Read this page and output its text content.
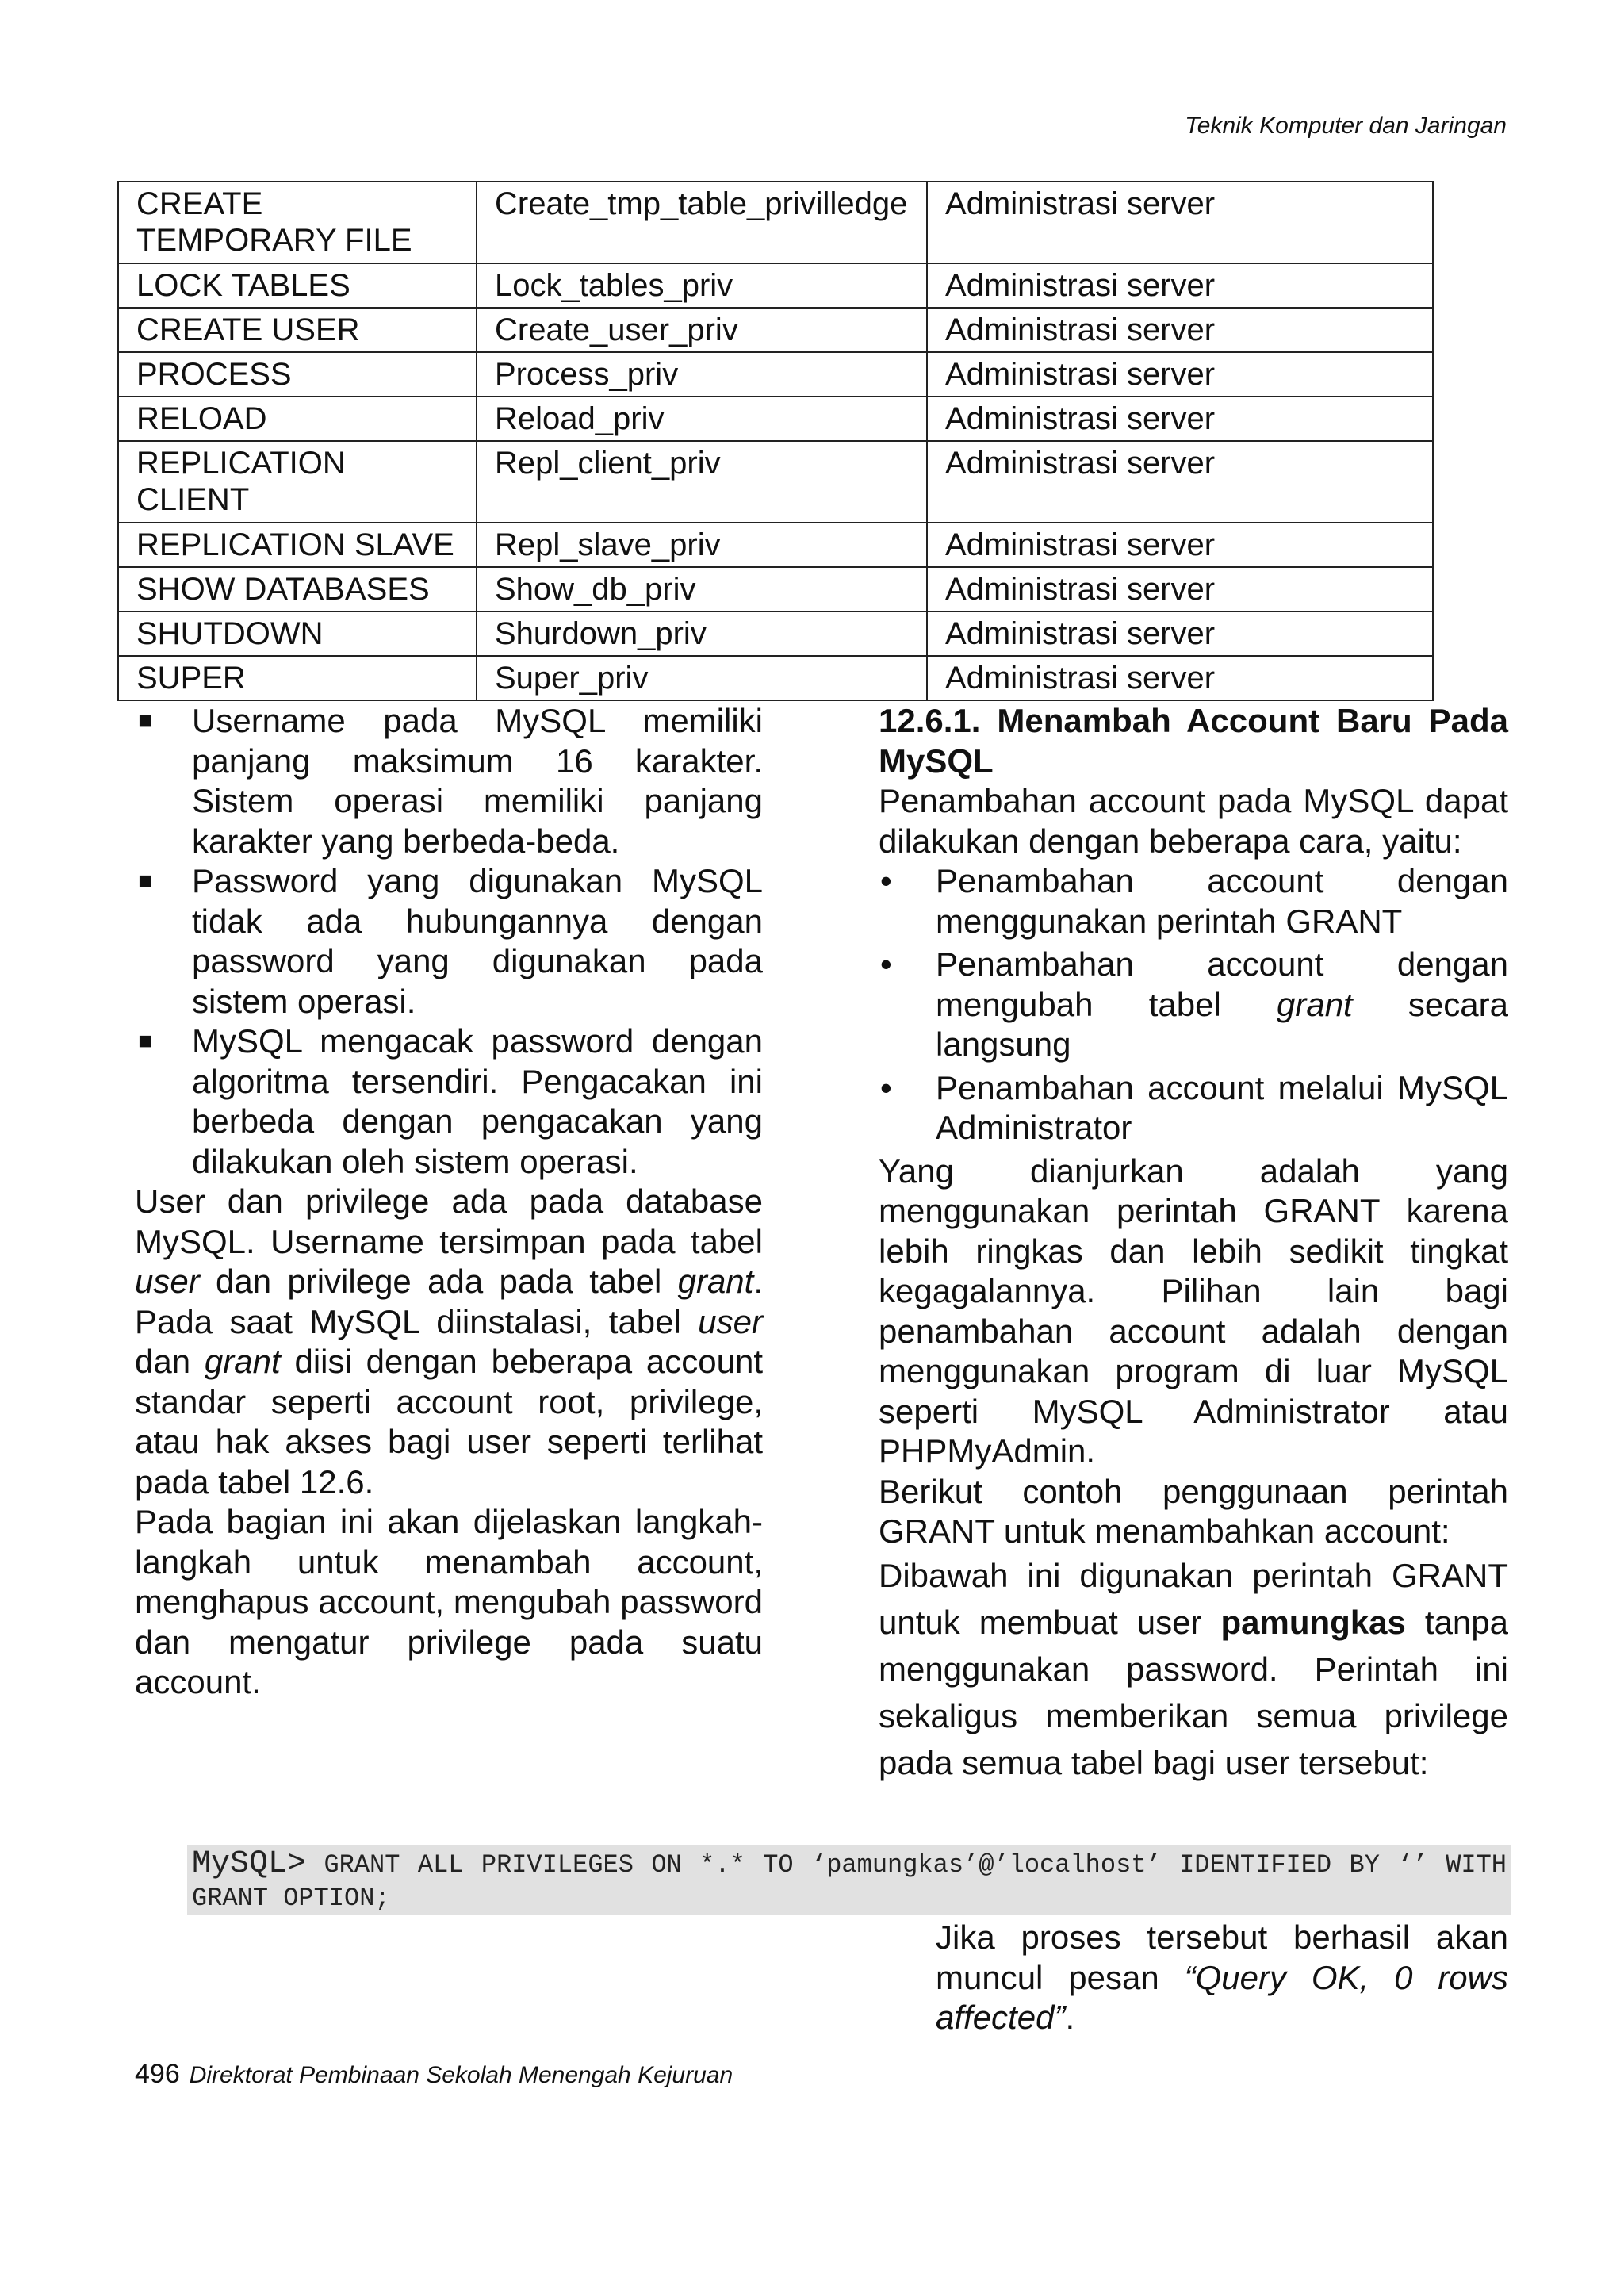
Teknik Komputer dan Jaringan
CREATE TEMPORARY FILE	Create_tmp_table_privilledge	Administrasi server
LOCK TABLES	Lock_tables_priv	Administrasi server
CREATE USER	Create_user_priv	Administrasi server
PROCESS	Process_priv	Administrasi server
RELOAD	Reload_priv	Administrasi server
REPLICATION CLIENT	Repl_client_priv	Administrasi server
REPLICATION SLAVE	Repl_slave_priv	Administrasi server
SHOW DATABASES	Show_db_priv	Administrasi server
SHUTDOWN	Shurdown_priv	Administrasi server
SUPER	Super_priv	Administrasi server
■ Username pada MySQL memiliki panjang maksimum 16 karakter. Sistem operasi memiliki panjang karakter yang berbeda-beda.
■ Password yang digunakan MySQL tidak ada hubungannya dengan password yang digunakan pada sistem operasi.
■ MySQL mengacak password dengan algoritma tersendiri. Pengacakan ini berbeda dengan pengacakan yang dilakukan oleh sistem operasi.

User dan privilege ada pada database MySQL. Username tersimpan pada tabel user dan privilege ada pada tabel grant. Pada saat MySQL diinstalasi, tabel user dan grant diisi dengan beberapa account standar seperti account root, privilege, atau hak akses bagi user seperti terlihat pada tabel 12.6.

Pada bagian ini akan dijelaskan langkah-langkah untuk menambah account, menghapus account, mengubah password dan mengatur privilege pada suatu account.

12.6.1. Menambah Account Baru Pada MySQL

Penambahan account pada MySQL dapat dilakukan dengan beberapa cara, yaitu:

• Penambahan account dengan menggunakan perintah GRANT
• Penambahan account dengan mengubah tabel grant secara langsung
• Penambahan account melalui MySQL Administrator

Yang dianjurkan adalah yang menggunakan perintah GRANT karena lebih ringkas dan lebih sedikit tingkat kegagalannya. Pilihan lain bagi penambahan account adalah dengan menggunakan program di luar MySQL seperti MySQL Administrator atau PHPMyAdmin.

Berikut contoh penggunaan perintah GRANT untuk menambahkan account:

Dibawah ini digunakan perintah GRANT untuk membuat user pamungkas tanpa menggunakan password. Perintah ini sekaligus memberikan semua privilege pada semua tabel bagi user tersebut:

MySQL> GRANT ALL PRIVILEGES ON *.* TO ‘pamungkas’@’localhost’ IDENTIFIED BY ‘’ WITH GRANT OPTION;
Jika proses tersebut berhasil akan muncul pesan “Query OK, 0 rows affected”.
496 Direktorat Pembinaan Sekolah Menengah Kejuruan
